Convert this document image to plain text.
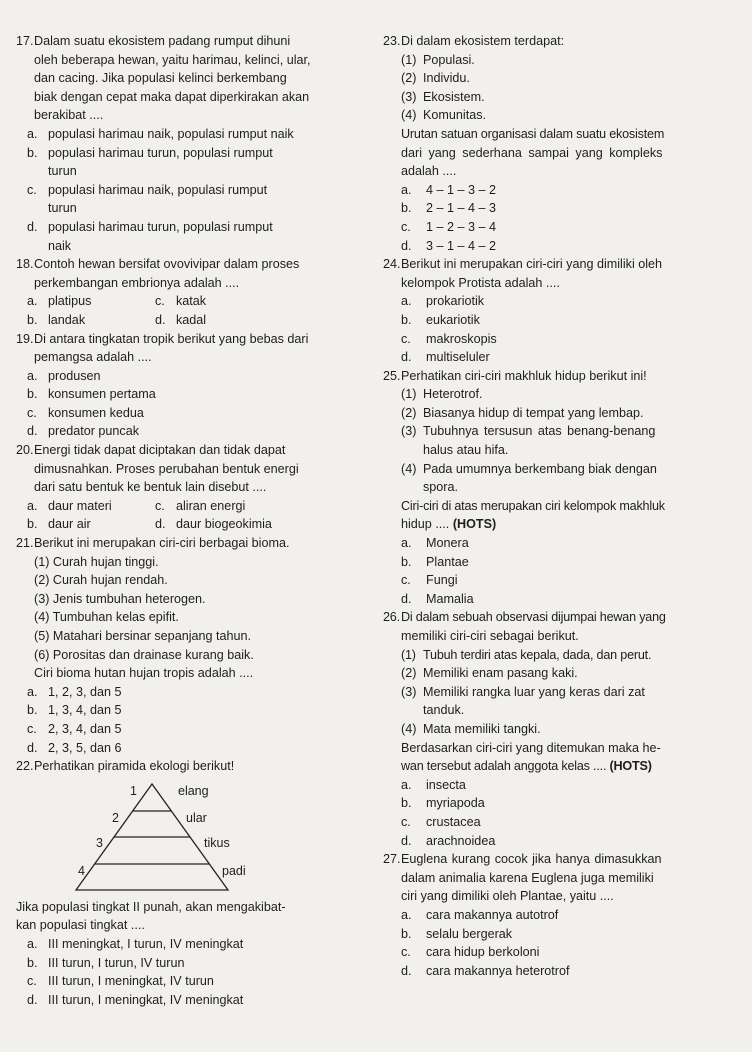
17.Dalam suatu ekosistem padang rumput dihuni
oleh beberapa hewan, yaitu harimau, kelinci, ular,
dan cacing. Jika populasi kelinci berkembang
biak dengan cepat maka dapat diperkirakan akan
berakibat ....
a. populasi harimau naik, populasi rumput naik
b. populasi harimau turun, populasi rumput
turun
c. populasi harimau naik, populasi rumput
turun
d. populasi harimau turun, populasi rumput
naik
18.Contoh hewan bersifat ovovivipar dalam proses
perkembangan embrionya adalah ....
a. platipus	c. katak
b. landak	d. kadal
19.Di antara tingkatan tropik berikut yang bebas dari
pemangsa adalah ....
a. produsen
b. konsumen pertama
c. konsumen kedua
d. predator puncak
20.Energi tidak dapat diciptakan dan tidak dapat
dimusnahkan. Proses perubahan bentuk energi
dari satu bentuk ke bentuk lain disebut ....
a. daur materi	c. aliran energi
b. daur air	d. daur biogeokimia
21.Berikut ini merupakan ciri-ciri berbagai bioma.
(1) Curah hujan tinggi.
(2) Curah hujan rendah.
(3) Jenis tumbuhan heterogen.
(4) Tumbuhan kelas epifit.
(5) Matahari bersinar sepanjang tahun.
(6) Porositas dan drainase kurang baik.
Ciri bioma hutan hujan tropis adalah ....
a. 1, 2, 3, dan 5
b. 1, 3, 4, dan 5
c. 2, 3, 4, dan 5
d. 2, 3, 5, dan 6
22.Perhatikan piramida ekologi berikut!
1	elang
2	ular
3	tikus
4	padi
Jika populasi tingkat II punah, akan mengakibat-
kan populasi tingkat ....
a. III meningkat, I turun, IV meningkat
b. III turun, I turun, IV turun
c. III turun, I meningkat, IV turun
d. III turun, I meningkat, IV meningkat
23.Di dalam ekosistem terdapat:
(1) Populasi.
(2) Individu.
(3) Ekosistem.
(4) Komunitas.
Urutan satuan organisasi dalam suatu ekosistem
dari yang sederhana sampai yang kompleks
adalah ....
a. 4 – 1 – 3 – 2
b. 2 – 1 – 4 – 3
c. 1 – 2 – 3 – 4
d. 3 – 1 – 4 – 2
24.Berikut ini merupakan ciri-ciri yang dimiliki oleh
kelompok Protista adalah ....
a. prokariotik
b. eukariotik
c. makroskopis
d. multiseluler
25.Perhatikan ciri-ciri makhluk hidup berikut ini!
(1) Heterotrof.
(2) Biasanya hidup di tempat yang lembap.
(3) Tubuhnya tersusun atas benang-benang
halus atau hifa.
(4) Pada umumnya berkembang biak dengan
spora.
Ciri-ciri di atas merupakan ciri kelompok makhluk
hidup .... (HOTS)
a. Monera
b. Plantae
c. Fungi
d. Mamalia
26.Di dalam sebuah observasi dijumpai hewan yang
memiliki ciri-ciri sebagai berikut.
(1) Tubuh terdiri atas kepala, dada, dan perut.
(2) Memiliki enam pasang kaki.
(3) Memiliki rangka luar yang keras dari zat
tanduk.
(4) Mata memiliki tangki.
Berdasarkan ciri-ciri yang ditemukan maka he-
wan tersebut adalah anggota kelas .... (HOTS)
a. insecta
b. myriapoda
c. crustacea
d. arachnoidea
27.Euglena kurang cocok jika hanya dimasukkan
dalam animalia karena Euglena juga memiliki
ciri yang dimiliki oleh Plantae, yaitu ....
a. cara makannya autotrof
b. selalu bergerak
c. cara hidup berkoloni
d. cara makannya heterotrof
